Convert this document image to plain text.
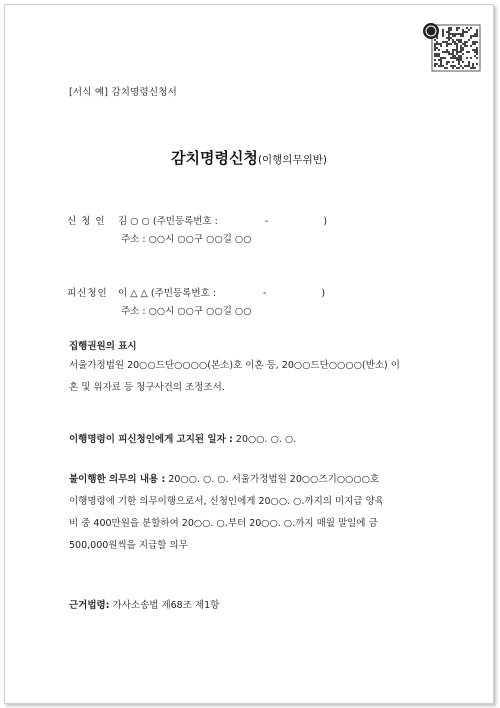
[서식 예] 감치명령신청서
감치명령신청(이행의무위반)
신 청 인 김 ○ ○ (주민등록번호 :	-	)
주소 : ○○시 ○○구 ○○길 ○○
피신청인 이 △ △ (주민등록번호 :	-	)
주소 : ○○시 ○○구 ○○길 ○○
집행권원의 표시
서울가정법원 20○○드단○○○○(본소)호 이혼 등, 20○○드단○○○○(반소) 이
혼 및 위자료 등 청구사건의 조정조서.
이행명령이 피신청인에게 고지된 일자 : 20○○. ○. ○.
불이행한 의무의 내용 : 20○○. ○. ○. 서울가정법원 20○○즈기○○○○호
이행명령에 기한 의무이행으로서, 신청인에게 20○○. ○.까지의 미지급 양육
비 중 400만원을 분할하여 20○○. ○.부터 20○○. ○.까지 매월 말일에 금
500,000원씩을 지급할 의무
근거법령: 가사소송법 제68조 제1항
